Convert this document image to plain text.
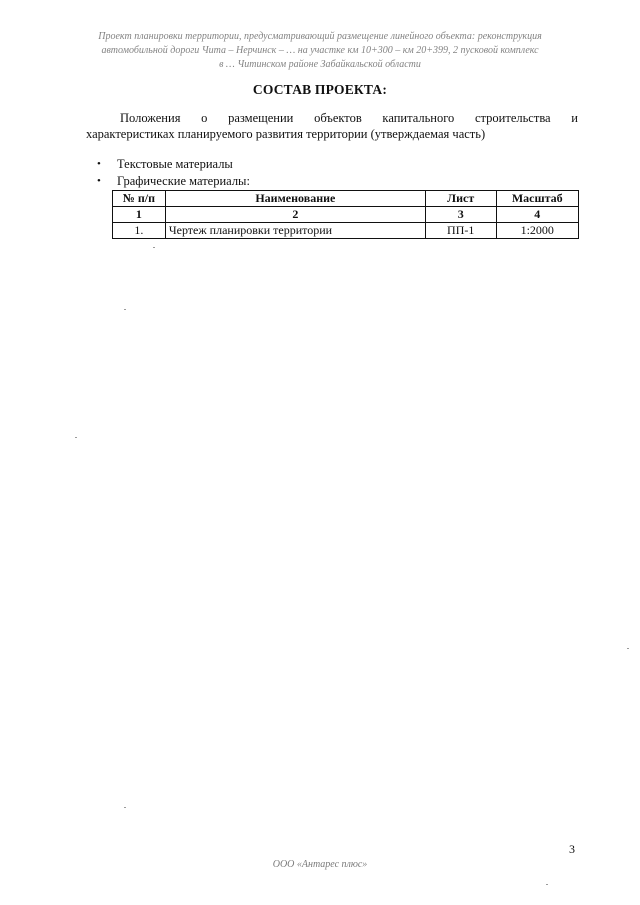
Проект планировки территории, предусматривающий размещение линейного объекта: реконструкция
автомобильной дороги Чита – Нерчинск – … на участке км 10+300 – км 20+399, 2 пусковой комплекс
в … Читинском районе Забайкальской области
СОСТАВ ПРОЕКТА:
Положения о размещении объектов капитального строительства и
характеристиках планируемого развития территории (утверждаемая часть)
• Текстовые материалы
• Графические материалы:
№ п/п	Наименование	Лист	Масштаб
1	2	3	4
1.	Чертеж планировки территории	ПП-1	1:2000
3
ООО «Антарес плюс»
